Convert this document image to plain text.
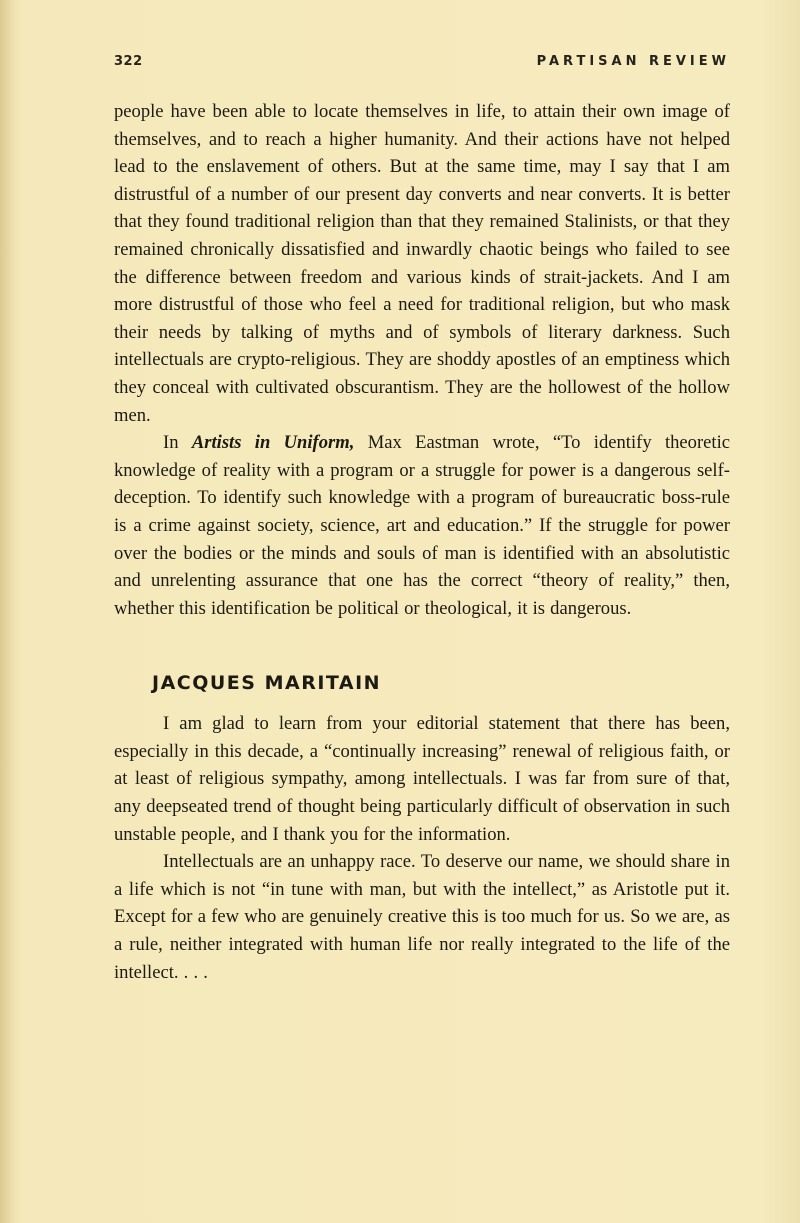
322	PARTISAN REVIEW

people have been able to locate themselves in life, to attain their own image of themselves, and to reach a higher humanity. And their actions have not helped lead to the enslavement of others. But at the same time, may I say that I am distrustful of a number of our present day converts and near converts. It is better that they found traditional religion than that they remained Stalinists, or that they remained chronically dissatisfied and inwardly chaotic beings who failed to see the difference between freedom and various kinds of strait-jackets. And I am more distrustful of those who feel a need for traditional religion, but who mask their needs by talking of myths and of symbols of literary darkness. Such intellectuals are crypto-religious. They are shoddy apostles of an emptiness which they conceal with cultivated obscurantism. They are the hollowest of the hollow men.

In Artists in Uniform, Max Eastman wrote, “To identify theoretic knowledge of reality with a program or a struggle for power is a dangerous self-deception. To identify such knowledge with a program of bureaucratic boss-rule is a crime against society, science, art and education.” If the struggle for power over the bodies or the minds and souls of man is identified with an absolutistic and unrelenting assurance that one has the correct “theory of reality,” then, whether this identification be political or theological, it is dangerous.

JACQUES MARITAIN

I am glad to learn from your editorial statement that there has been, especially in this decade, a “continually increasing” renewal of religious faith, or at least of religious sympathy, among intellectuals. I was far from sure of that, any deepseated trend of thought being particularly difficult of observation in such unstable people, and I thank you for the information.

Intellectuals are an unhappy race. To deserve our name, we should share in a life which is not “in tune with man, but with the intellect,” as Aristotle put it. Except for a few who are genuinely creative this is too much for us. So we are, as a rule, neither integrated with human life nor really integrated to the life of the intellect. . . .
